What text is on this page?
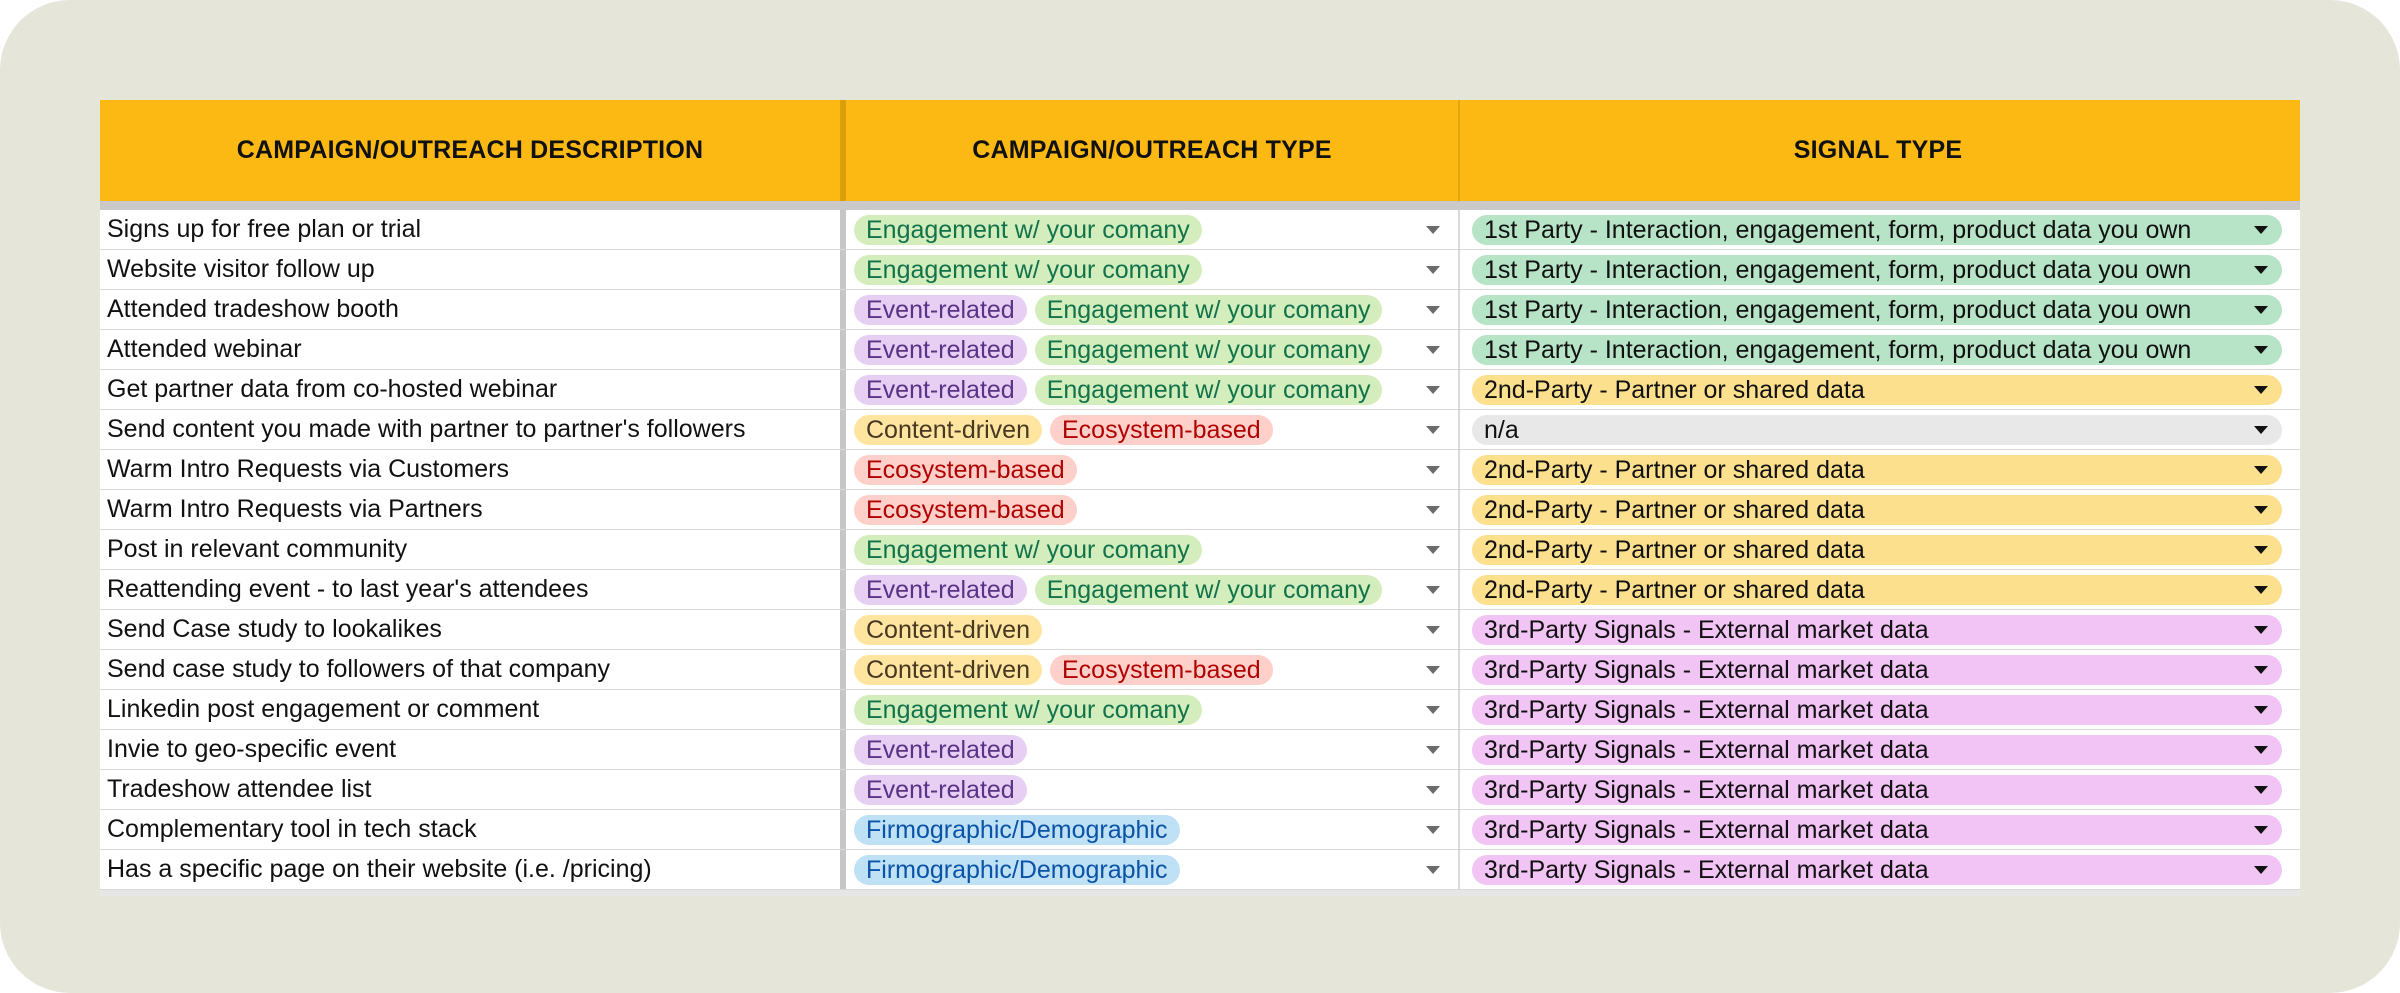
CAMPAIGN/OUTREACH DESCRIPTION	CAMPAIGN/OUTREACH TYPE	SIGNAL TYPE
Signs up for free plan or trial	Engagement w/ your comany	1st Party - Interaction, engagement, form, product data you own
Website visitor follow up	Engagement w/ your comany	1st Party - Interaction, engagement, form, product data you own
Attended tradeshow booth	Event-related	Engagement w/ your comany	1st Party - Interaction, engagement, form, product data you own
Attended webinar	Event-related	Engagement w/ your comany	1st Party - Interaction, engagement, form, product data you own
Get partner data from co-hosted webinar	Event-related	Engagement w/ your comany	2nd-Party - Partner or shared data
Send content you made with partner to partner's followers	Content-driven	Ecosystem-based	n/a
Warm Intro Requests via Customers	Ecosystem-based	2nd-Party - Partner or shared data
Warm Intro Requests via Partners	Ecosystem-based	2nd-Party - Partner or shared data
Post in relevant community	Engagement w/ your comany	2nd-Party - Partner or shared data
Reattending event - to last year's attendees	Event-related	Engagement w/ your comany	2nd-Party - Partner or shared data
Send Case study to lookalikes	Content-driven	3rd-Party Signals - External market data
Send case study to followers of that company	Content-driven	Ecosystem-based	3rd-Party Signals - External market data
Linkedin post engagement or comment	Engagement w/ your comany	3rd-Party Signals - External market data
Invie to geo-specific event	Event-related	3rd-Party Signals - External market data
Tradeshow attendee list	Event-related	3rd-Party Signals - External market data
Complementary tool in tech stack	Firmographic/Demographic	3rd-Party Signals - External market data
Has a specific page on their website (i.e. /pricing)	Firmographic/Demographic	3rd-Party Signals - External market data
